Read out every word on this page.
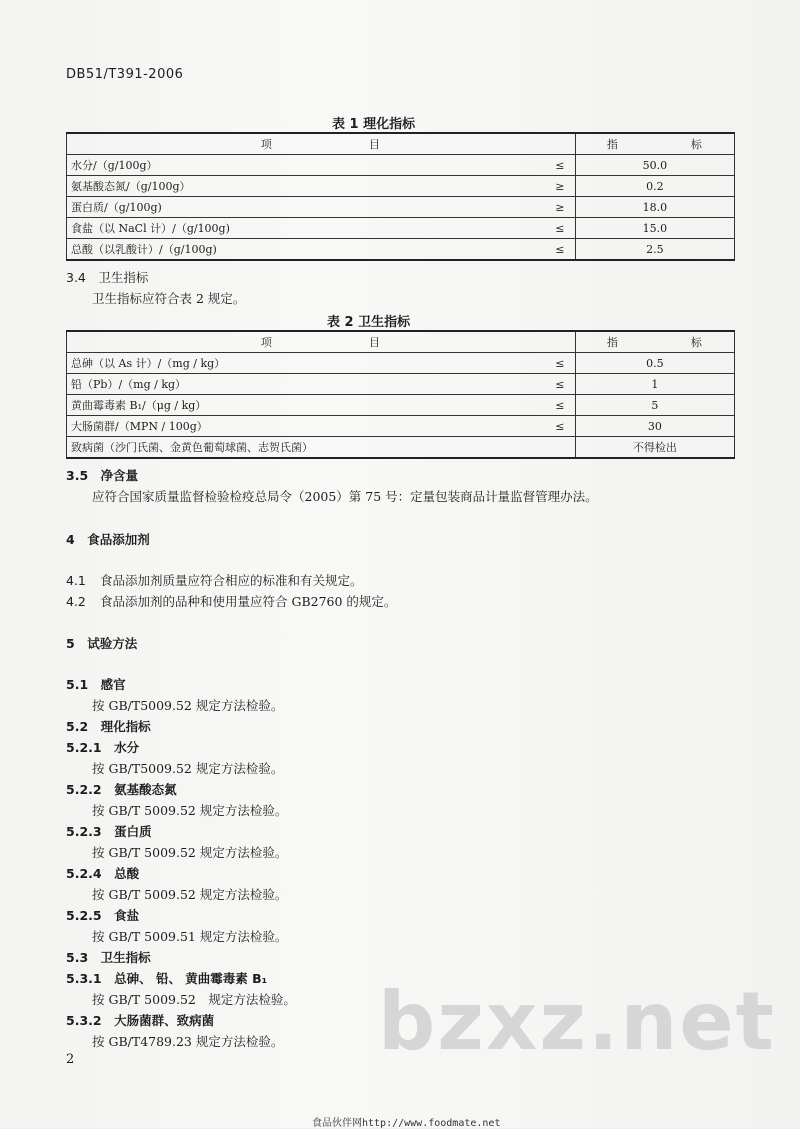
DB51/T391-2006
表 1 理化指标
项　　　　　　　　目		指　　　　　　标
水分/（g/100g）	≤	50.0
氨基酸态氮/（g/100g）	≥	0.2
蛋白质/（g/100g)	≥	18.0
食盐（以 NaCl 计）/（g/100g)	≤	15.0
总酸（以乳酸计）/（g/100g)	≤	2.5
3.4　卫生指标
卫生指标应符合表 2 规定。
表 2 卫生指标
项　　　　　　　　目		指　　　　　　标
总砷（以 As 计）/（mg / kg）	≤	0.5
铅（Pb）/（mg / kg）	≤	1
黄曲霉毒素 B₁/（μg / kg）	≤	5
大肠菌群/（MPN / 100g）	≤	30
致病菌（沙门氏菌、金黄色葡萄球菌、志贺氏菌）		不得检出
3.5　净含量
应符合国家质量监督检验检疫总局令（2005）第 75 号：定量包装商品计量监督管理办法。
4　食品添加剂
4.1 食品添加剂质量应符合相应的标准和有关规定。
4.2 食品添加剂的品种和使用量应符合 GB2760 的规定。
5　试验方法
5.1　感官
按 GB/T5009.52 规定方法检验。
5.2　理化指标
5.2.1　水分
按 GB/T5009.52 规定方法检验。
5.2.2　氨基酸态氮
按 GB/T 5009.52 规定方法检验。
5.2.3　蛋白质
按 GB/T 5009.52 规定方法检验。
5.2.4　总酸
按 GB/T 5009.52 规定方法检验。
5.2.5　食盐
按 GB/T 5009.51 规定方法检验。
5.3　卫生指标
5.3.1　总砷、 铅、 黄曲霉毒素 B₁
按 GB/T 5009.52　规定方法检验。
5.3.2　大肠菌群、致病菌
按 GB/T4789.23 规定方法检验。 bzxz.net
2
食品伙伴网http://www.foodmate.net
